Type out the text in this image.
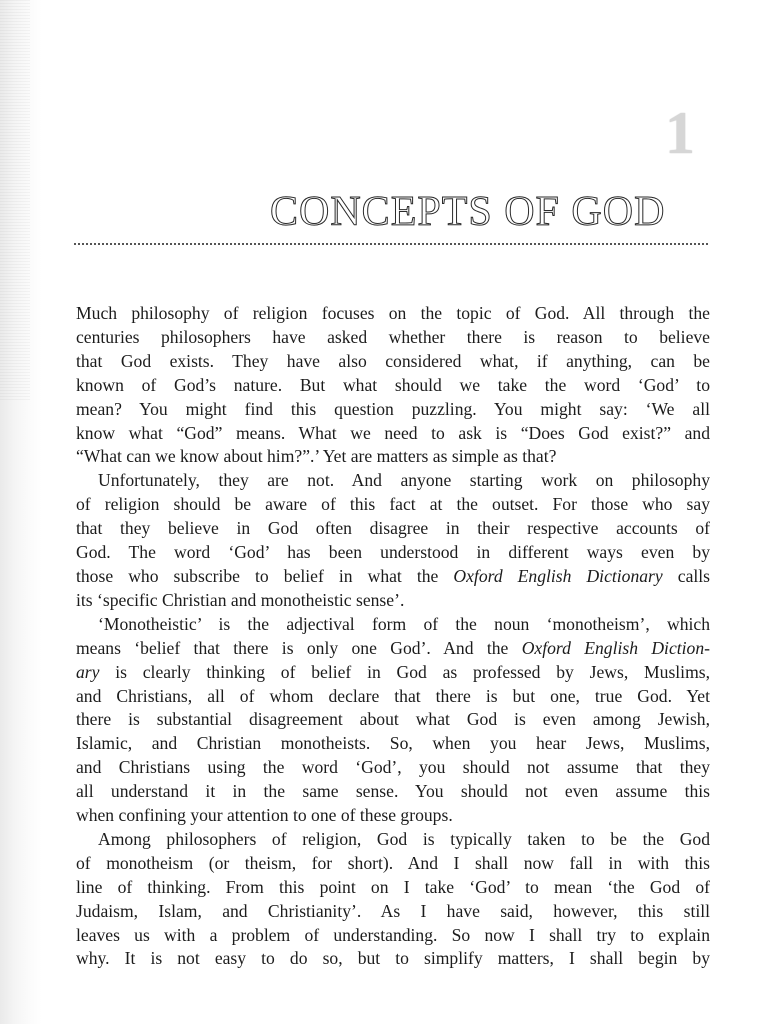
1
CONCEPTS OF GOD
Much philosophy of religion focuses on the topic of God. All through the
centuries philosophers have asked whether there is reason to believe
that God exists. They have also considered what, if anything, can be
known of God’s nature. But what should we take the word ‘God’ to
mean? You might find this question puzzling. You might say: ‘We all
know what “God” means. What we need to ask is “Does God exist?” and
“What can we know about him?”.’ Yet are matters as simple as that?
Unfortunately, they are not. And anyone starting work on philosophy
of religion should be aware of this fact at the outset. For those who say
that they believe in God often disagree in their respective accounts of
God. The word ‘God’ has been understood in different ways even by
those who subscribe to belief in what the Oxford English Dictionary calls
its ‘specific Christian and monotheistic sense’.
‘Monotheistic’ is the adjectival form of the noun ‘monotheism’, which
means ‘belief that there is only one God’. And the Oxford English Diction-
ary is clearly thinking of belief in God as professed by Jews, Muslims,
and Christians, all of whom declare that there is but one, true God. Yet
there is substantial disagreement about what God is even among Jewish,
Islamic, and Christian monotheists. So, when you hear Jews, Muslims,
and Christians using the word ‘God’, you should not assume that they
all understand it in the same sense. You should not even assume this
when confining your attention to one of these groups.
Among philosophers of religion, God is typically taken to be the God
of monotheism (or theism, for short). And I shall now fall in with this
line of thinking. From this point on I take ‘God’ to mean ‘the God of
Judaism, Islam, and Christianity’. As I have said, however, this still
leaves us with a problem of understanding. So now I shall try to explain
why. It is not easy to do so, but to simplify matters, I shall begin by
